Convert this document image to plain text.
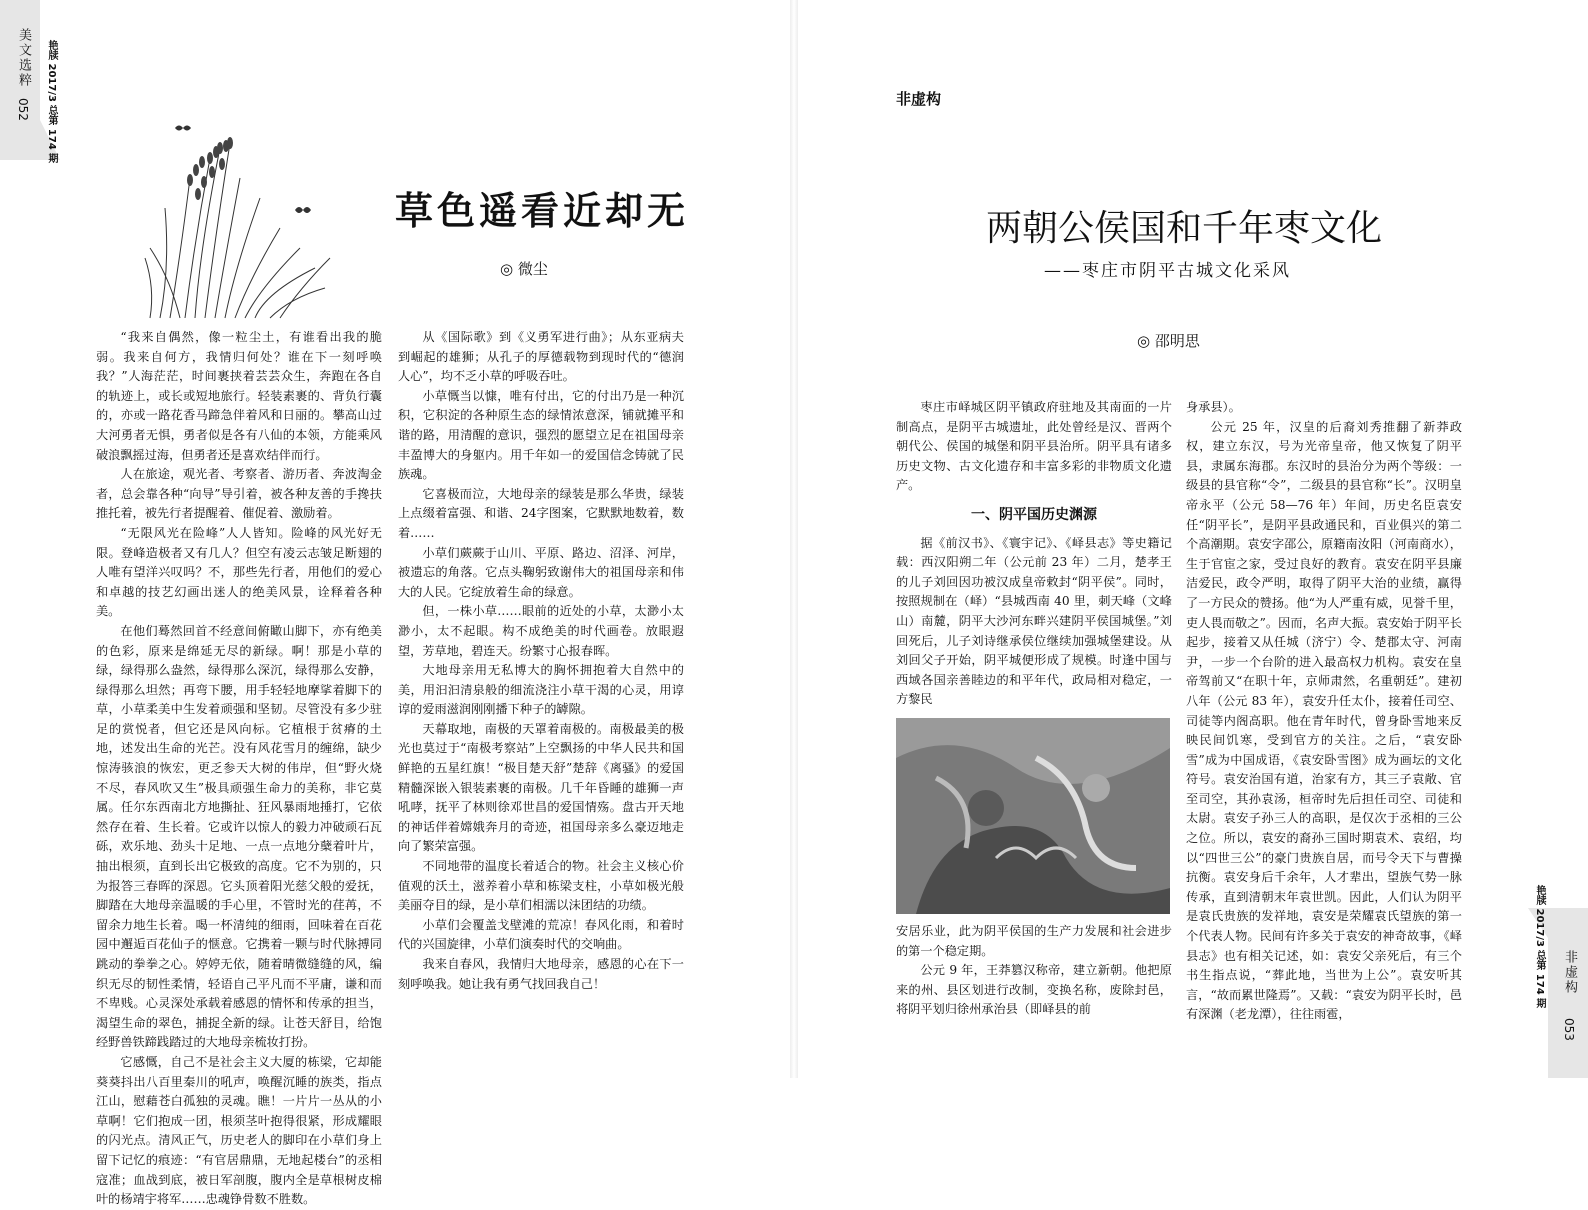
美文选粹
052 艳牍 2017/3 总第 174 期
草色遥看近却无
◎ 微尘

“我来自偶然，像一粒尘土，有谁看出我的脆弱。我来自何方，我情归何处？谁在下一刻呼唤我？”人海茫茫，时间裹挟着芸芸众生，奔跑在各自的轨迹上，或长或短地旅行。轻装素裹的、背负行囊的，亦或一路花香马蹄急伴着风和日丽的。攀高山过大河勇者无惧，勇者似是各有八仙的本领，方能乘风破浪飘摇过海，但勇者还是喜欢结伴而行。

人在旅途，观光者、考察者、游历者、奔波淘金者，总会靠各种“向导”导引着，被各种友善的手搀扶推托着，被先行者提醒着、催促着、激励着。

“无限风光在险峰”人人皆知。险峰的风光好无限。登峰造极者又有几人？但空有凌云志皱足断翅的人唯有望洋兴叹吗？不，那些先行者，用他们的爱心和卓越的技艺幻画出迷人的绝美风景，诠释着各种美。

在他们蓦然回首不经意间俯瞰山脚下，亦有绝美的色彩，原来是绵延无尽的新绿。啊！那是小草的绿，绿得那么盎然，绿得那么深沉，绿得那么安静，绿得那么坦然；再弯下腰，用手轻轻地摩挲着脚下的草，小草柔美中生发着顽强和坚韧。尽管没有多少驻足的赏悦者，但它还是风向标。它植根于贫瘠的土地，述发出生命的光芒。没有风花雪月的缠绵，缺少惊涛骇浪的恢宏，更乏参天大树的伟岸，但“野火烧不尽，春风吹又生”极具顽强生命力的美称，非它莫属。任尔东西南北方地撕扯、狂风暴雨地捶打，它依然存在着、生长着。它或许以惊人的毅力冲破顽石瓦砾，欢乐地、劲头十足地、一点一点地分蘖着叶片，抽出根须，直到长出它极致的高度。它不为别的，只为报答三春晖的深恩。它头顶着阳光慈父般的爱抚，脚踏在大地母亲温暖的手心里，不管时光的荏苒，不留余力地生长着。喝一杯清纯的细雨，回味着在百花园中邂逅百花仙子的惬意。它携着一颗与时代脉搏同跳动的拳拳之心。婷婷无依，随着晴微缝缝的风，编织无尽的韧性柔情，轻语自己平凡而不平庸，谦和而不卑贱。心灵深处承载着感恩的情怀和传承的担当，渴望生命的翠色，捕捉全新的绿。让苍天舒目，给饱经野兽铁蹄践踏过的大地母亲梳妆打扮。

它感慨，自己不是社会主义大厦的栋梁，它却能葵葵抖出八百里秦川的吼声，唤醒沉睡的族类，指点江山，慰藉苍白孤独的灵魂。瞧！一片片一丛从的小草啊！它们抱成一团，根须茎叶抱得很紧，形成耀眼的闪光点。清风正气，历史老人的脚印在小草们身上留下记忆的痕迹：“有官居鼎鼎，无地起楼台”的丞相寇准；血战到底，被日军剖腹，腹内全是草根树皮棉叶的杨靖宇将军……忠魂铮骨数不胜数。

从《国际歌》到《义勇军进行曲》；从东亚病夫到崛起的雄狮；从孔子的厚德载物到现时代的“德润人心”，均不乏小草的呼吸吞吐。

小草慨当以慷，唯有付出，它的付出乃是一种沉积，它积淀的各种原生态的绿情浓意深，铺就摊平和谐的路，用清醒的意识，强烈的愿望立足在祖国母亲丰盈博大的身躯内。用千年如一的爱国信念铸就了民族魂。

它喜极而泣，大地母亲的绿装是那么华贵，绿装上点缀着富强、和谐、24字图案，它默默地数着，数着……

小草们蕨蕨于山川、平原、路边、沼泽、河岸，被遗忘的角落。它点头鞠躬致谢伟大的祖国母亲和伟大的人民。它绽放着生命的绿意。

但，一株小草……眼前的近处的小草，太渺小太渺小，太不起眼。构不成绝美的时代画卷。放眼遐望，芳草地，碧连天。纷繁寸心报春晖。

大地母亲用无私博大的胸怀拥抱着大自然中的美，用汩汩清泉般的细流浇注小草干渴的心灵，用谆谆的爱雨滋润刚刚播下种子的罅隙。

天幕取地，南极的天罩着南极的。南极最美的极光也莫过于“南极考察站”上空飘扬的中华人民共和国鲜艳的五星红旗！“极目楚天舒”楚辞《离骚》的爱国精髓深嵌入银装素裹的南极。几千年昏睡的雄狮一声吼哮，抚平了林则徐邓世昌的爱国情殇。盘古开天地的神话伴着嫦娥奔月的奇迹，祖国母亲多么豪迈地走向了繁荣富强。

不同地带的温度长着适合的物。社会主义核心价值观的沃土，滋养着小草和栋梁支柱，小草如极光般美丽夺目的绿，是小草们相濡以沫团结的功绩。

小草们会覆盖戈壁滩的荒凉！春风化雨，和着时代的兴国旋律，小草们演奏时代的交响曲。

我来自春风，我情归大地母亲，感恩的心在下一刻呼唤我。她让我有勇气找回我自己！

非虚构
两朝公侯国和千年枣文化
——枣庄市阴平古城文化采风
◎ 邵明思

枣庄市峄城区阴平镇政府驻地及其南面的一片制高点，是阴平古城遗址，此处曾经是汉、晋两个朝代公、侯国的城堡和阴平县治所。阴平具有诸多历史文物、古文化遗存和丰富多彩的非物质文化遗产。

一、阴平国历史渊源

据《前汉书》、《寰宇记》、《峄县志》等史籍记载：西汉阳朔二年（公元前 23 年）二月，楚孝王的儿子刘回因功被汉成皇帝敕封“阴平侯”。同时，按照规制在（峄）“县城西南 40 里，刺天峰（文峰山）南麓，阴平大沙河东畔兴建阴平侯国城堡。”刘回死后，儿子刘诗继承侯位继续加强城堡建设。从刘回父子开始，阴平城便形成了规模。时逢中国与西域各国亲善睦边的和平年代，政局相对稳定，一方黎民

安居乐业，此为阴平侯国的生产力发展和社会进步的第一个稳定期。

公元 9 年，王莽篡汉称帝，建立新朝。他把原来的州、县区划进行改制，变换名称，废除封邑，将阴平划归徐州承治县（即峄县的前

身承县）。

公元 25 年，汉皇的后裔刘秀推翻了新莽政权，建立东汉，号为光帝皇帝，他又恢复了阴平县，隶属东海郡。东汉时的县治分为两个等级：一级县的县官称“令”，二级县的县官称“长”。汉明皇帝永平（公元 58—76 年）年间，历史名臣袁安任“阴平长”，是阴平县政通民和，百业俱兴的第二个高潮期。袁安字邵公，原籍南汝阳（河南商水），生于官宦之家，受过良好的教育。袁安在阴平县廉洁爱民，政令严明，取得了阴平大治的业绩，赢得了一方民众的赞扬。他“为人严重有威，见誉千里，吏人畏而敬之”。因而，名声大振。袁安始于阴平长起步，接着又从任城（济宁）令、楚郡太守、河南尹，一步一个台阶的进入最高权力机构。袁安在皇帝驾前又“在职十年，京师肃然，名重朝廷”。建初八年（公元 83 年），袁安升任太仆，接着任司空、司徒等内阁高职。他在青年时代，曾身卧雪地来反映民间饥寒，受到官方的关注。之后，“袁安卧雪”成为中国成语，《袁安卧雪图》成为画坛的文化符号。袁安治国有道，治家有方，其三子袁敞、官至司空，其孙袁汤，桓帝时先后担任司空、司徒和太尉。袁安子孙三人的高职，是仅次于丞相的三公之位。所以，袁安的裔孙三国时期袁术、袁绍，均以“四世三公”的豪门贵族自居，而号令天下与曹操抗衡。袁安身后千余年，人才辈出，望族气势一脉传承，直到清朝末年袁世凯。因此，人们认为阴平是袁氏贵族的发祥地，袁安是荣耀袁氏望族的第一个代表人物。民间有许多关于袁安的神奇故事，《峄县志》也有相关记述，如：袁安父亲死后，有三个书生指点说，“葬此地，当世为上公”。袁安听其言，“故而累世隆焉”。又载：“袁安为阴平长时，邑有深渊（老龙潭），往往雨雹，

艳牍 2017/3 总第 174 期 非虚构
053
